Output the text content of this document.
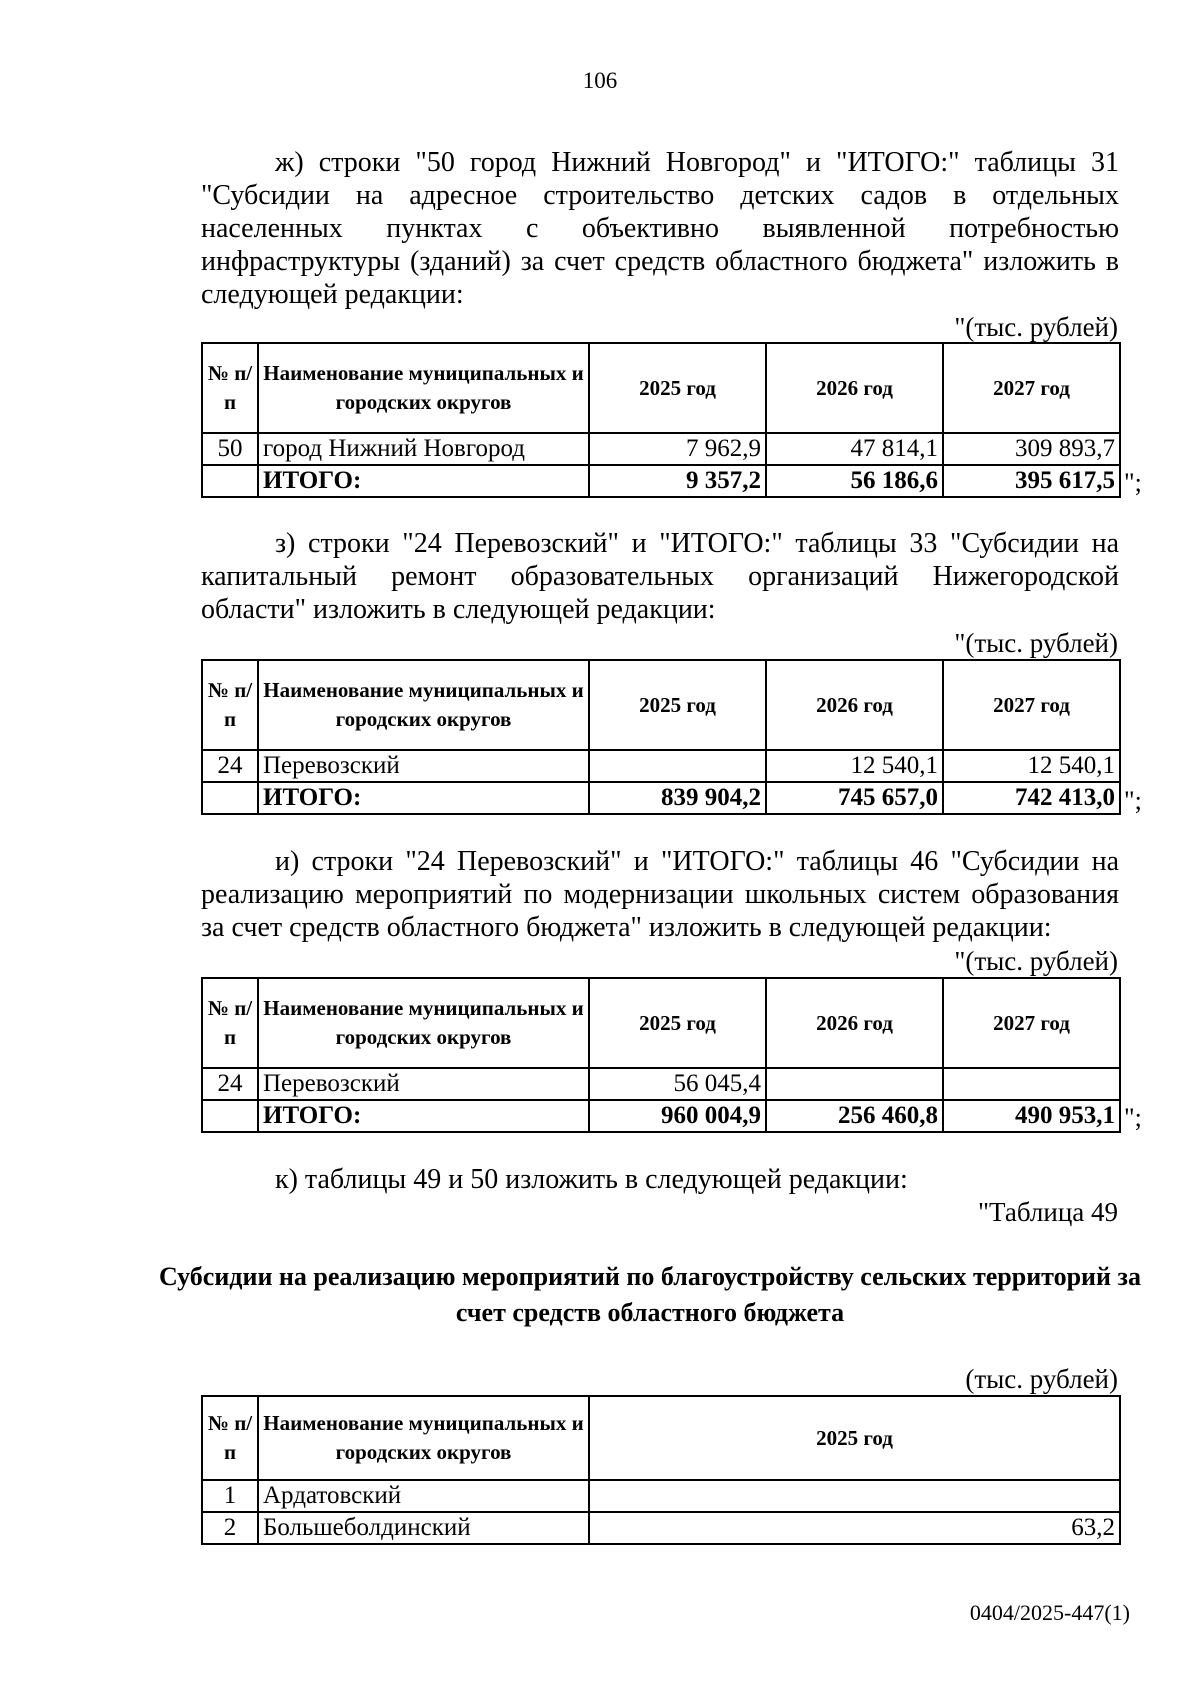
106
ж) строки "50 город Нижний Новгород" и "ИТОГО:" таблицы 31 "Субсидии на адресное строительство детских садов в отдельных населенных пунктах с объективно выявленной потребностью инфраструктуры (зданий) за счет средств областного бюджета" изложить в следующей редакции:
"(тыс. рублей)
№ п/п	Наименование муниципальных и городских округов	2025 год	2026 год	2027 год
50	город Нижний Новгород	7 962,9	47 814,1	309 893,7
	ИТОГО:	9 357,2	56 186,6	395 617,5 ";
з) строки "24 Перевозский" и "ИТОГО:" таблицы 33 "Субсидии на капитальный ремонт образовательных организаций Нижегородской области" изложить в следующей редакции:
"(тыс. рублей)
№ п/п	Наименование муниципальных и городских округов	2025 год	2026 год	2027 год
24	Перевозский		12 540,1	12 540,1
	ИТОГО:	839 904,2	745 657,0	742 413,0 ";
и) строки "24 Перевозский" и "ИТОГО:" таблицы 46 "Субсидии на реализацию мероприятий по модернизации школьных систем образования за счет средств областного бюджета" изложить в следующей редакции:
"(тыс. рублей)
№ п/п	Наименование муниципальных и городских округов	2025 год	2026 год	2027 год
24	Перевозский	56 045,4		
	ИТОГО:	960 004,9	256 460,8	490 953,1 ";
к) таблицы 49 и 50 изложить в следующей редакции:
"Таблица 49
Субсидии на реализацию мероприятий по благоустройству сельских территорий за счет средств областного бюджета
(тыс. рублей)
№ п/п	Наименование муниципальных и городских округов	2025 год
1	Ардатовский	
2	Большеболдинский	63,2
0404/2025-447(1)
